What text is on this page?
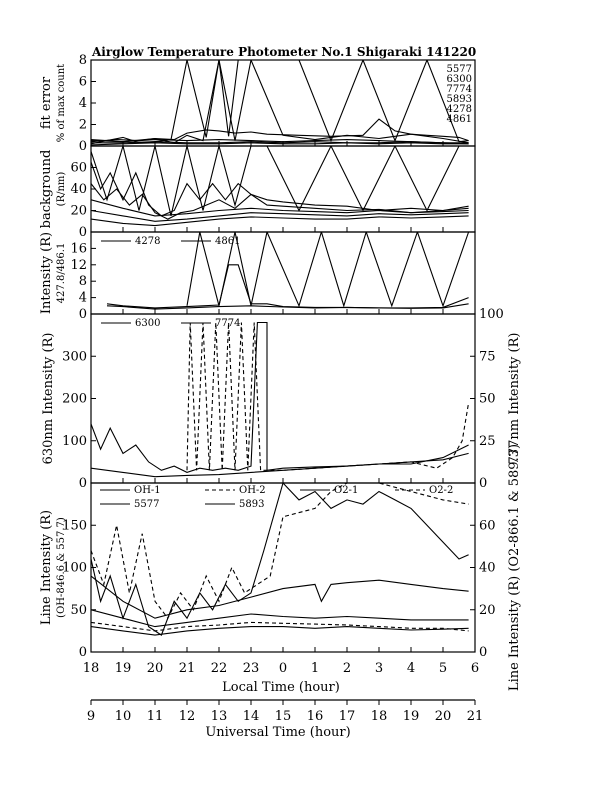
Airglow Temperature Photometer No.1 Shigaraki 141220
Local Time (hour)
Universal Time (hour)
0
2
4
6
8
fit error % of max count	5577
6300
7774
5893
4278
4861
0
20
40
60
background (R/nm)
0
4
8
12
16
Intensity (R) 427.8/486.1
4278	4861
0
100
200
300
0
25
50
75
100
630nm Intensity (R)	777nm Intensity (R)
6300	7774
0
50
100
150
0
20
40
60
Line Intensity (R) (OH-846.6 & 557.7)	Line Intensity (R) (O2-866.1 & 589.3)
OH-1	OH-2	O2-1	O2-2
5577	5893
18 19 20 21 22 23 0 1 2 3 4 5 6
9 10 11 12 13 14 15 16 17 18 19 20 21
